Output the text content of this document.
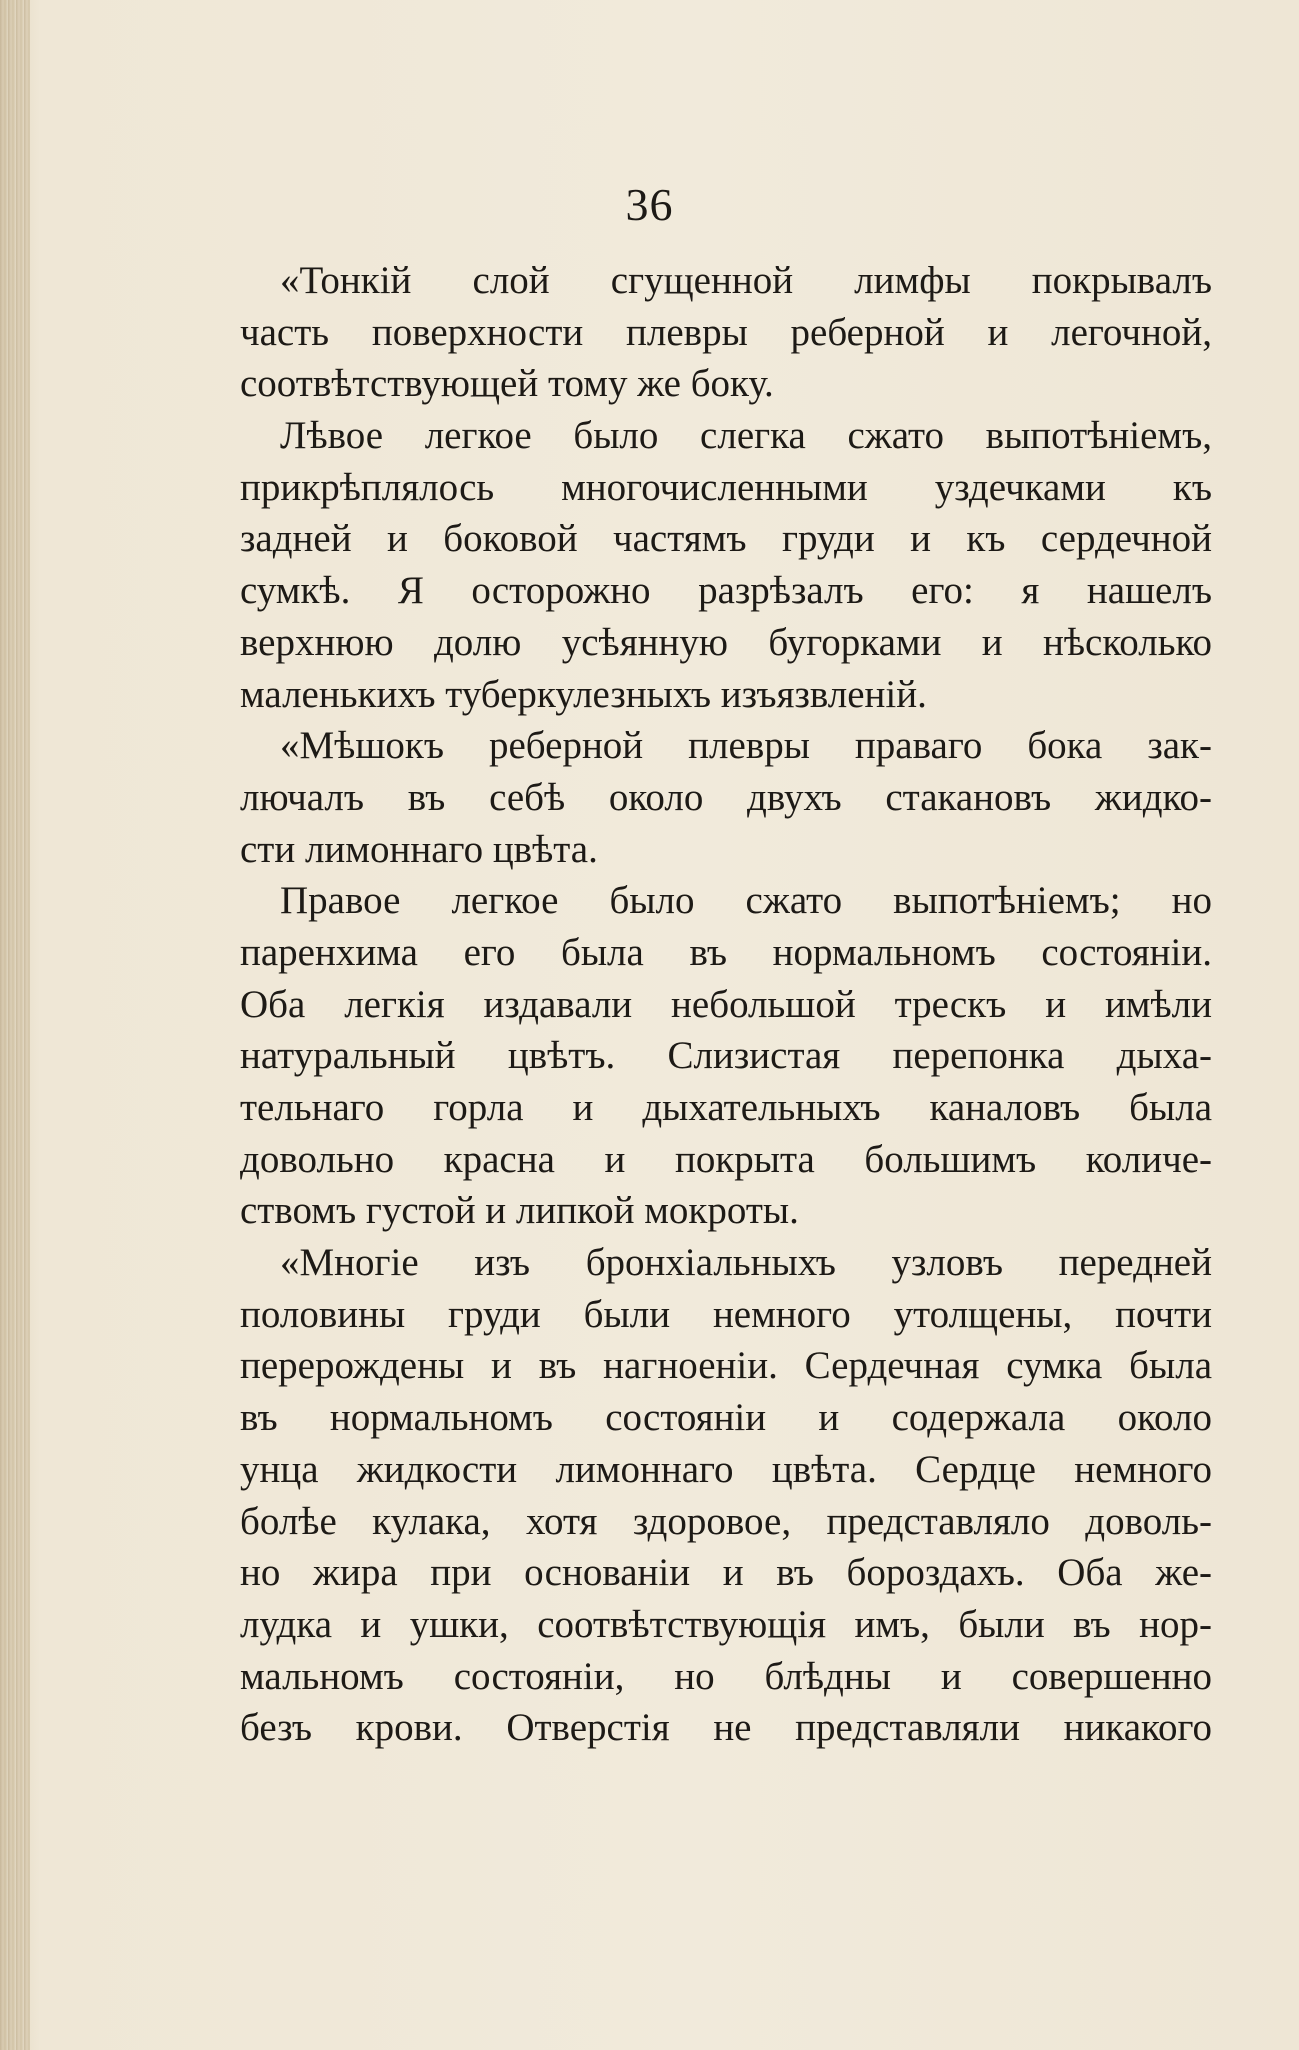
36
«Тонкій слой сгущенной лимфы покрывалъ
часть поверхности плевры реберной и легочной,
соотвѣтствующей тому же боку.
Лѣвое легкое было слегка сжато выпотѣніемъ,
прикрѣплялось многочисленными уздечками къ
задней и боковой частямъ груди и къ сердечной
сумкѣ. Я осторожно разрѣзалъ его: я нашелъ
верхнюю долю усѣянную бугорками и нѣсколько
маленькихъ туберкулезныхъ изъязвленій.
«Мѣшокъ реберной плевры праваго бока зак-
лючалъ въ себѣ около двухъ стакановъ жидко-
сти лимоннаго цвѣта.
Правое легкое было сжато выпотѣніемъ; но
паренхима его была въ нормальномъ состояніи.
Оба легкія издавали небольшой трескъ и имѣли
натуральный цвѣтъ. Слизистая перепонка дыха-
тельнаго горла и дыхательныхъ каналовъ была
довольно красна и покрыта большимъ количе-
ствомъ густой и липкой мокроты.
«Многіе изъ бронхіальныхъ узловъ передней
половины груди были немного утолщены, почти
перерождены и въ нагноеніи. Сердечная сумка была
въ нормальномъ состояніи и содержала около
унца жидкости лимоннаго цвѣта. Сердце немного
болѣе кулака, хотя здоровое, представляло доволь-
но жира при основаніи и въ бороздахъ. Оба же-
лудка и ушки, соотвѣтствующія имъ, были въ нор-
мальномъ состояніи, но блѣдны и совершенно
безъ крови. Отверстія не представляли никакого
